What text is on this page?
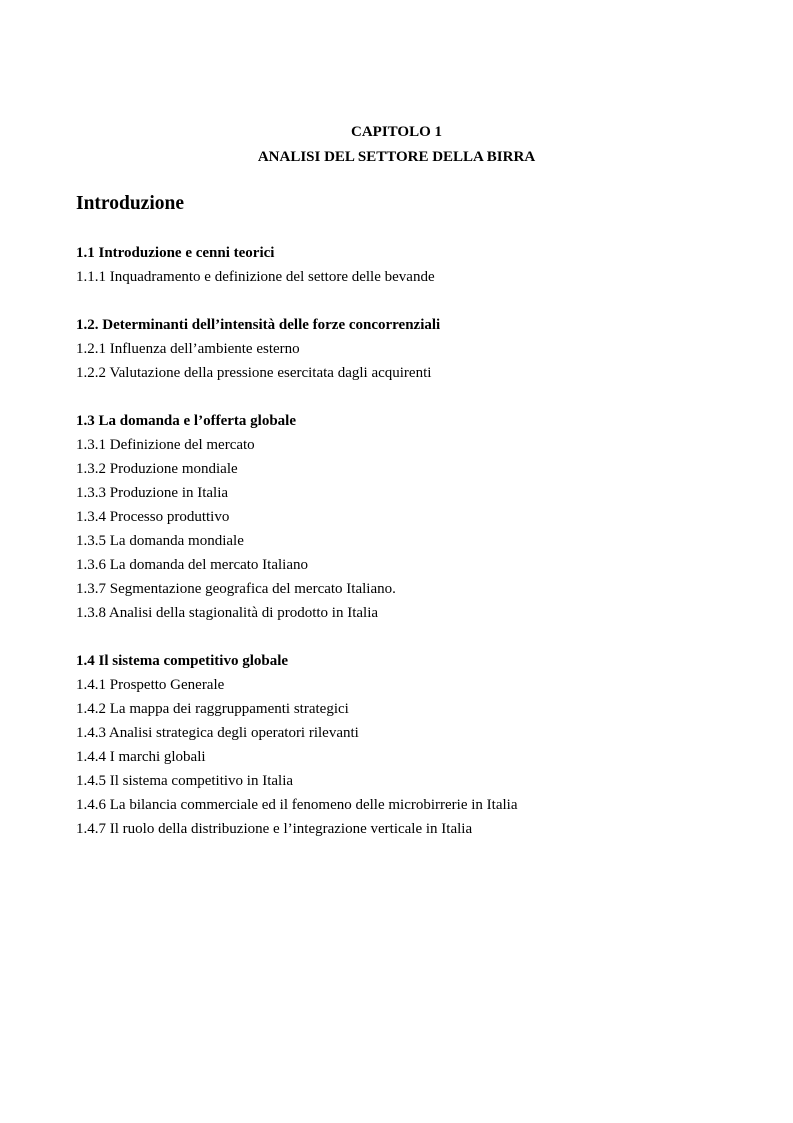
CAPITOLO 1
ANALISI DEL SETTORE DELLA BIRRA
Introduzione
1.1 Introduzione e cenni teorici
1.1.1 Inquadramento e definizione del settore delle bevande
1.2. Determinanti dell’intensità delle forze concorrenziali
1.2.1 Influenza dell’ambiente esterno
1.2.2 Valutazione della pressione esercitata dagli acquirenti
1.3 La domanda e l’offerta globale
1.3.1 Definizione del mercato
1.3.2 Produzione mondiale
1.3.3 Produzione in Italia
1.3.4 Processo produttivo
1.3.5 La domanda mondiale
1.3.6 La domanda del mercato Italiano
1.3.7 Segmentazione geografica del mercato Italiano.
1.3.8 Analisi della stagionalità di prodotto in Italia
1.4 Il sistema competitivo globale
1.4.1 Prospetto Generale
1.4.2 La mappa dei raggruppamenti strategici
1.4.3 Analisi strategica degli operatori rilevanti
1.4.4 I marchi globali
1.4.5 Il sistema competitivo in Italia
1.4.6 La bilancia commerciale ed il fenomeno delle microbirrerie in Italia
1.4.7 Il ruolo della distribuzione e l’integrazione verticale in Italia
